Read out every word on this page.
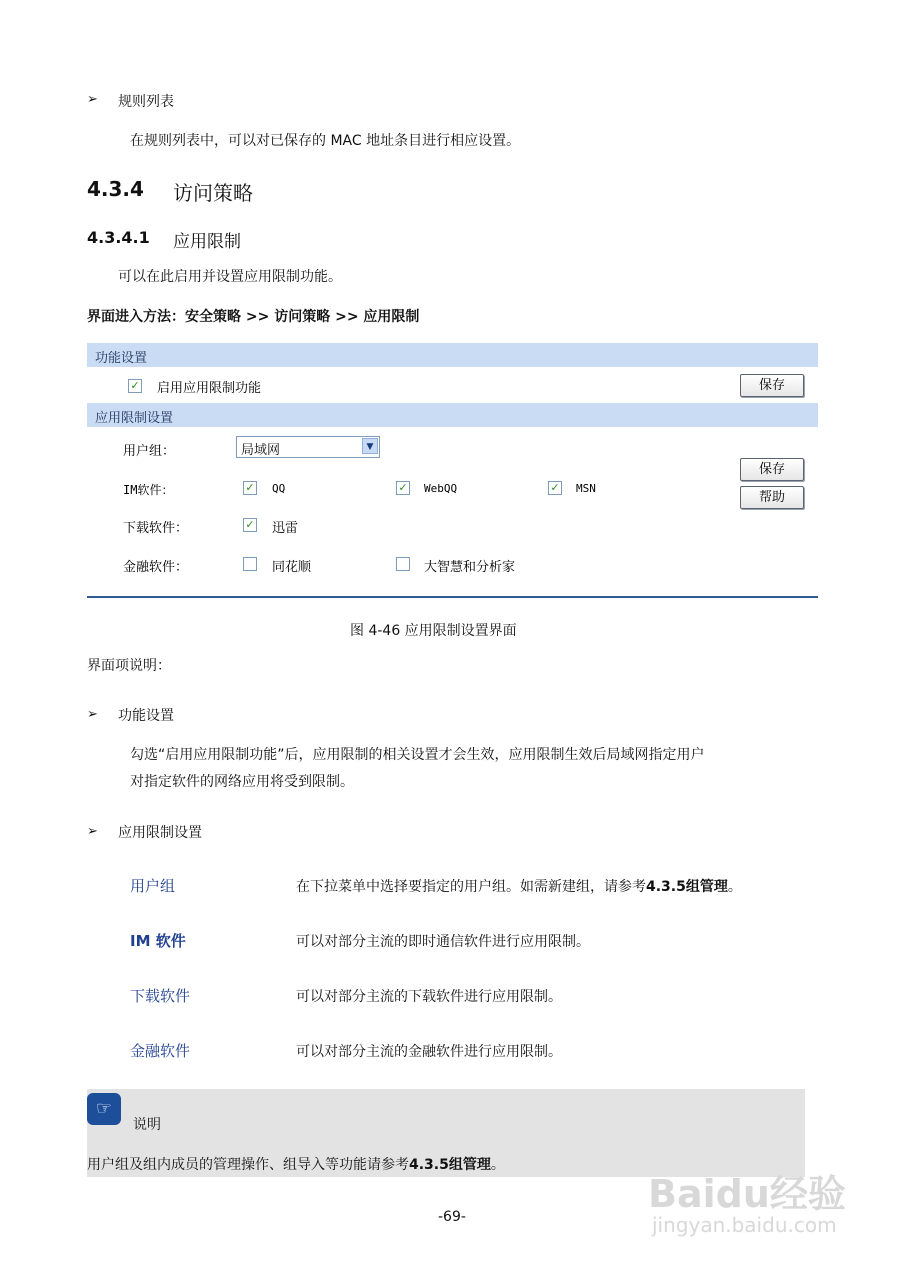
➢ 规则列表
在规则列表中，可以对已保存的 MAC 地址条目进行相应设置。
4.3.4 访问策略
4.3.4.1 应用限制
可以在此启用并设置应用限制功能。
界面进入方法：安全策略 >> 访问策略 >> 应用限制
功能设置
✓ 启用应用限制功能	保存
应用限制设置
用户组：	局域网	▼
IM软件：	✓ QQ	✓ WebQQ	✓ MSN
保存
帮助
下载软件：	✓ 迅雷
金融软件：	同花顺	大智慧和分析家
图 4-46 应用限制设置界面
界面项说明：
➢ 功能设置
勾选“启用应用限制功能”后，应用限制的相关设置才会生效，应用限制生效后局域网指定用户
对指定软件的网络应用将受到限制。
➢ 应用限制设置
用户组	在下拉菜单中选择要指定的用户组。如需新建组，请参考4.3.5组管理。
IM 软件	可以对部分主流的即时通信软件进行应用限制。
下载软件	可以对部分主流的下载软件进行应用限制。
金融软件	可以对部分主流的金融软件进行应用限制。
☞
说明
用户组及组内成员的管理操作、组导入等功能请参考4.3.5组管理。
Baidu经验
jingyan.baidu.com
-69-
